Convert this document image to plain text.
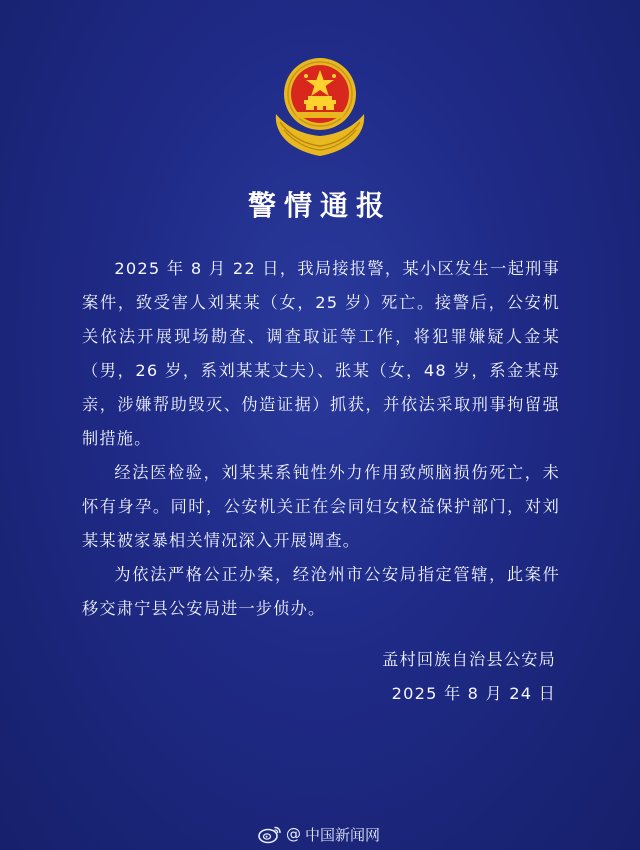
警情通报

2025 年 8 月 22 日，我局接报警，某小区发生一起刑事案件，致受害人刘某某（女，25 岁）死亡。接警后，公安机关依法开展现场勘查、调查取证等工作，将犯罪嫌疑人金某（男，26 岁，系刘某某丈夫）、张某（女，48 岁，系金某母亲，涉嫌帮助毁灭、伪造证据）抓获，并依法采取刑事拘留强制措施。

经法医检验，刘某某系钝性外力作用致颅脑损伤死亡，未怀有身孕。同时，公安机关正在会同妇女权益保护部门，对刘某某被家暴相关情况深入开展调查。

为依法严格公正办案，经沧州市公安局指定管辖，此案件移交肃宁县公安局进一步侦办。

孟村回族自治县公安局
2025 年 8 月 24 日
@ 中国新闻网
